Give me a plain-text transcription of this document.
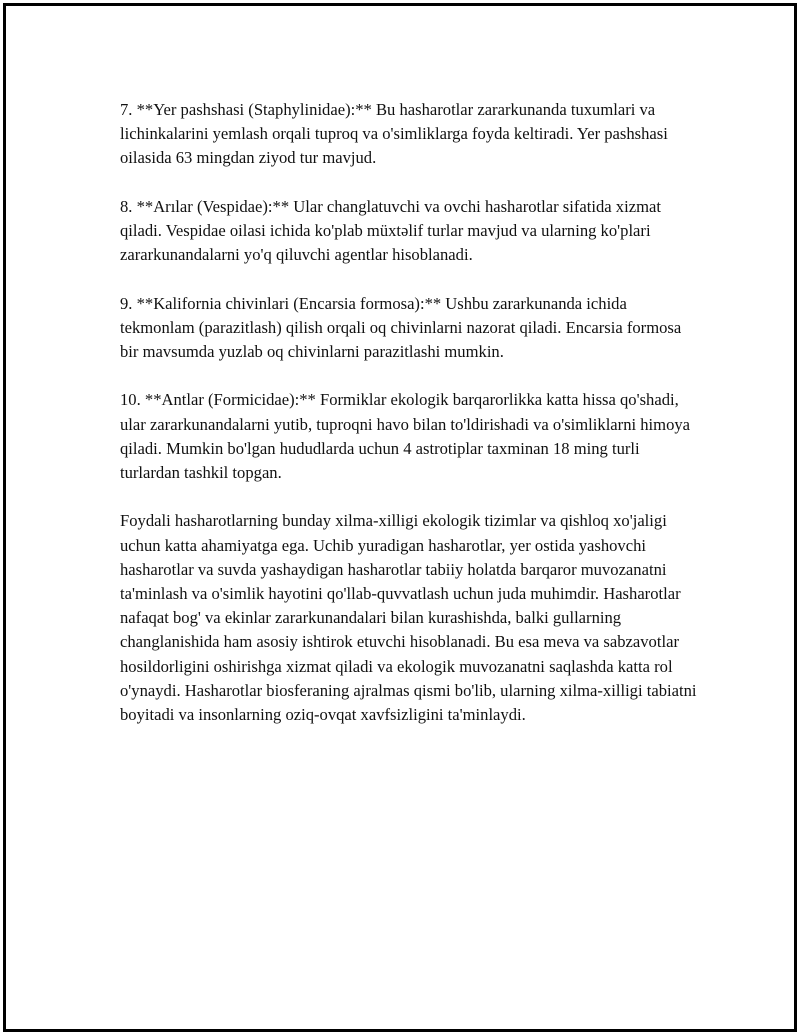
7. **Yer pashshasi (Staphylinidae):** Bu hasharotlar zararkunanda tuxumlari va lichinkalarini yemlash orqali tuproq va o'simliklarga foyda keltiradi. Yer pashshasi oilasida 63 mingdan ziyod tur mavjud.

8. **Arılar (Vespidae):** Ular changlatuvchi va ovchi hasharotlar sifatida xizmat qiladi. Vespidae oilasi ichida ko'plab müxtəlif turlar mavjud va ularning ko'plari zararkunandalarni yo'q qiluvchi agentlar hisoblanadi.

9. **Kalifornia chivinlari (Encarsia formosa):** Ushbu zararkunanda ichida tekmonlam (parazitlash) qilish orqali oq chivinlarni nazorat qiladi. Encarsia formosa bir mavsumda yuzlab oq chivinlarni parazitlashi mumkin.

10. **Antlar (Formicidae):** Formiklar ekologik barqarorlikka katta hissa qo'shadi, ular zararkunandalarni yutib, tuproqni havo bilan to'ldirishadi va o'simliklarni himoya qiladi. Mumkin bo'lgan hududlarda uchun 4 astrotiplar taxminan 18 ming turli turlardan tashkil topgan.

Foydali hasharotlarning bunday xilma-xilligi ekologik tizimlar va qishloq xo'jaligi uchun katta ahamiyatga ega. Uchib yuradigan hasharotlar, yer ostida yashovchi hasharotlar va suvda yashaydigan hasharotlar tabiiy holatda barqaror muvozanatni ta'minlash va o'simlik hayotini qo'llab-quvvatlash uchun juda muhimdir. Hasharotlar nafaqat bog' va ekinlar zararkunandalari bilan kurashishda, balki gullarning changlanishida ham asosiy ishtirok etuvchi hisoblanadi. Bu esa meva va sabzavotlar hosildorligini oshirishga xizmat qiladi va ekologik muvozanatni saqlashda katta rol o'ynaydi. Hasharotlar biosferaning ajralmas qismi bo'lib, ularning xilma-xilligi tabiatni boyitadi va insonlarning oziq-ovqat xavfsizligini ta'minlaydi.
